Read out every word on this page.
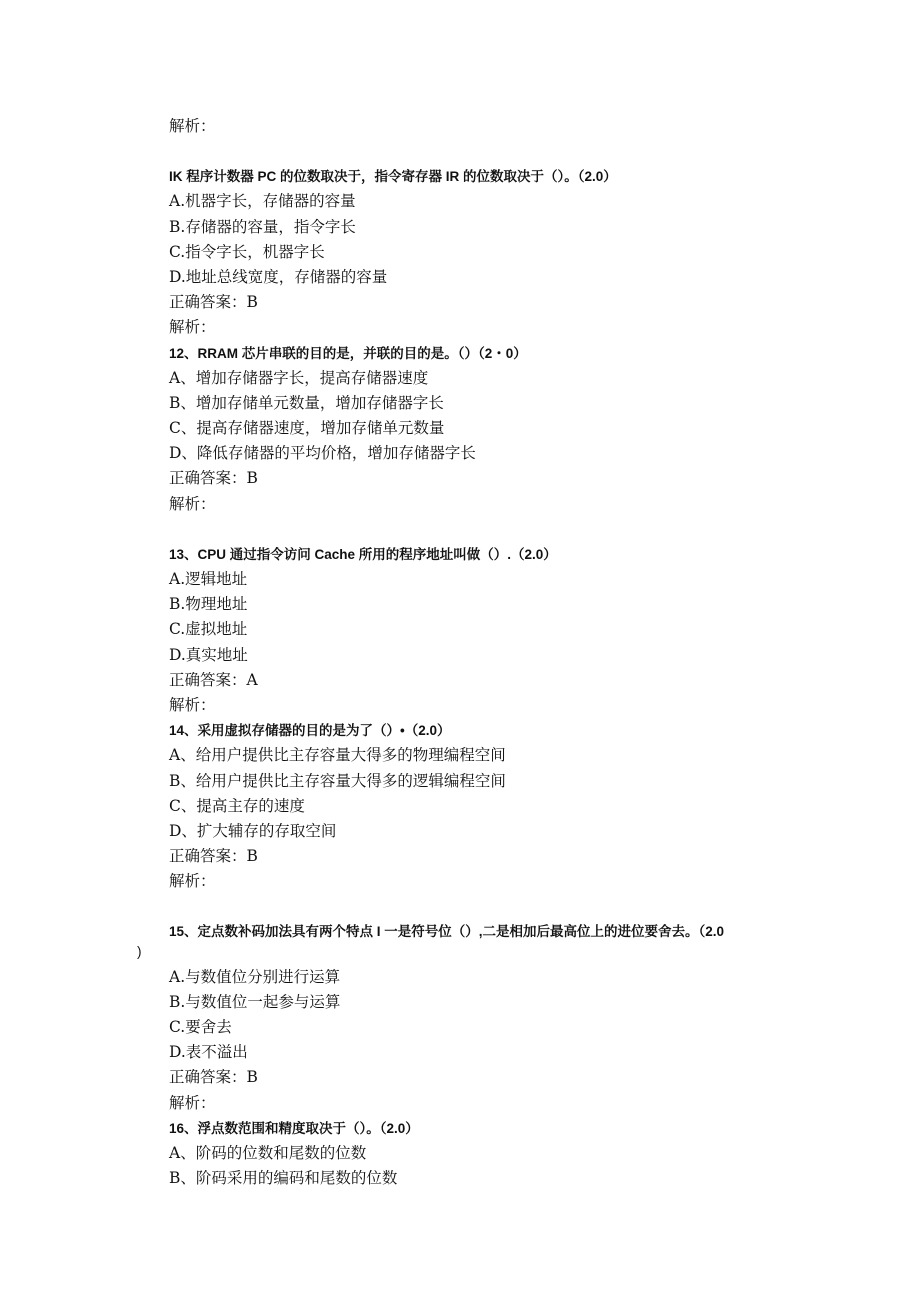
解析：
IK 程序计数器 PC 的位数取决于，指令寄存器 IR 的位数取决于（）。（2.0）
A.机器字长，存储器的容量
B.存储器的容量，指令字长
C.指令字长，机器字长
D.地址总线宽度，存储器的容量
正确答案：B
解析：
12、RRAM 芯片串联的目的是，并联的目的是。（）（2・0）
A、增加存储器字长，提高存储器速度
B、增加存储单元数量，增加存储器字长
C、提高存储器速度，增加存储单元数量
D、降低存储器的平均价格，增加存储器字长
正确答案：B
解析：
13、CPU 通过指令访问 Cache 所用的程序地址叫做（）.（2.0）
A.逻辑地址
B.物理地址
C.虚拟地址
D.真实地址
正确答案：A
解析：
14、采用虚拟存储器的目的是为了（）•（2.0）
A、给用户提供比主存容量大得多的物理编程空间
B、给用户提供比主存容量大得多的逻辑编程空间
C、提高主存的速度
D、扩大辅存的存取空间
正确答案：B
解析：
15、定点数补码加法具有两个特点 I 一是符号位（）,二是相加后最高位上的进位要舍去。（2.0
)
A.与数值位分别进行运算
B.与数值位一起参与运算
C.要舍去
D.表不溢出
正确答案：B
解析：
16、浮点数范围和精度取决于（）。（2.0）
A、阶码的位数和尾数的位数
B、阶码采用的编码和尾数的位数
